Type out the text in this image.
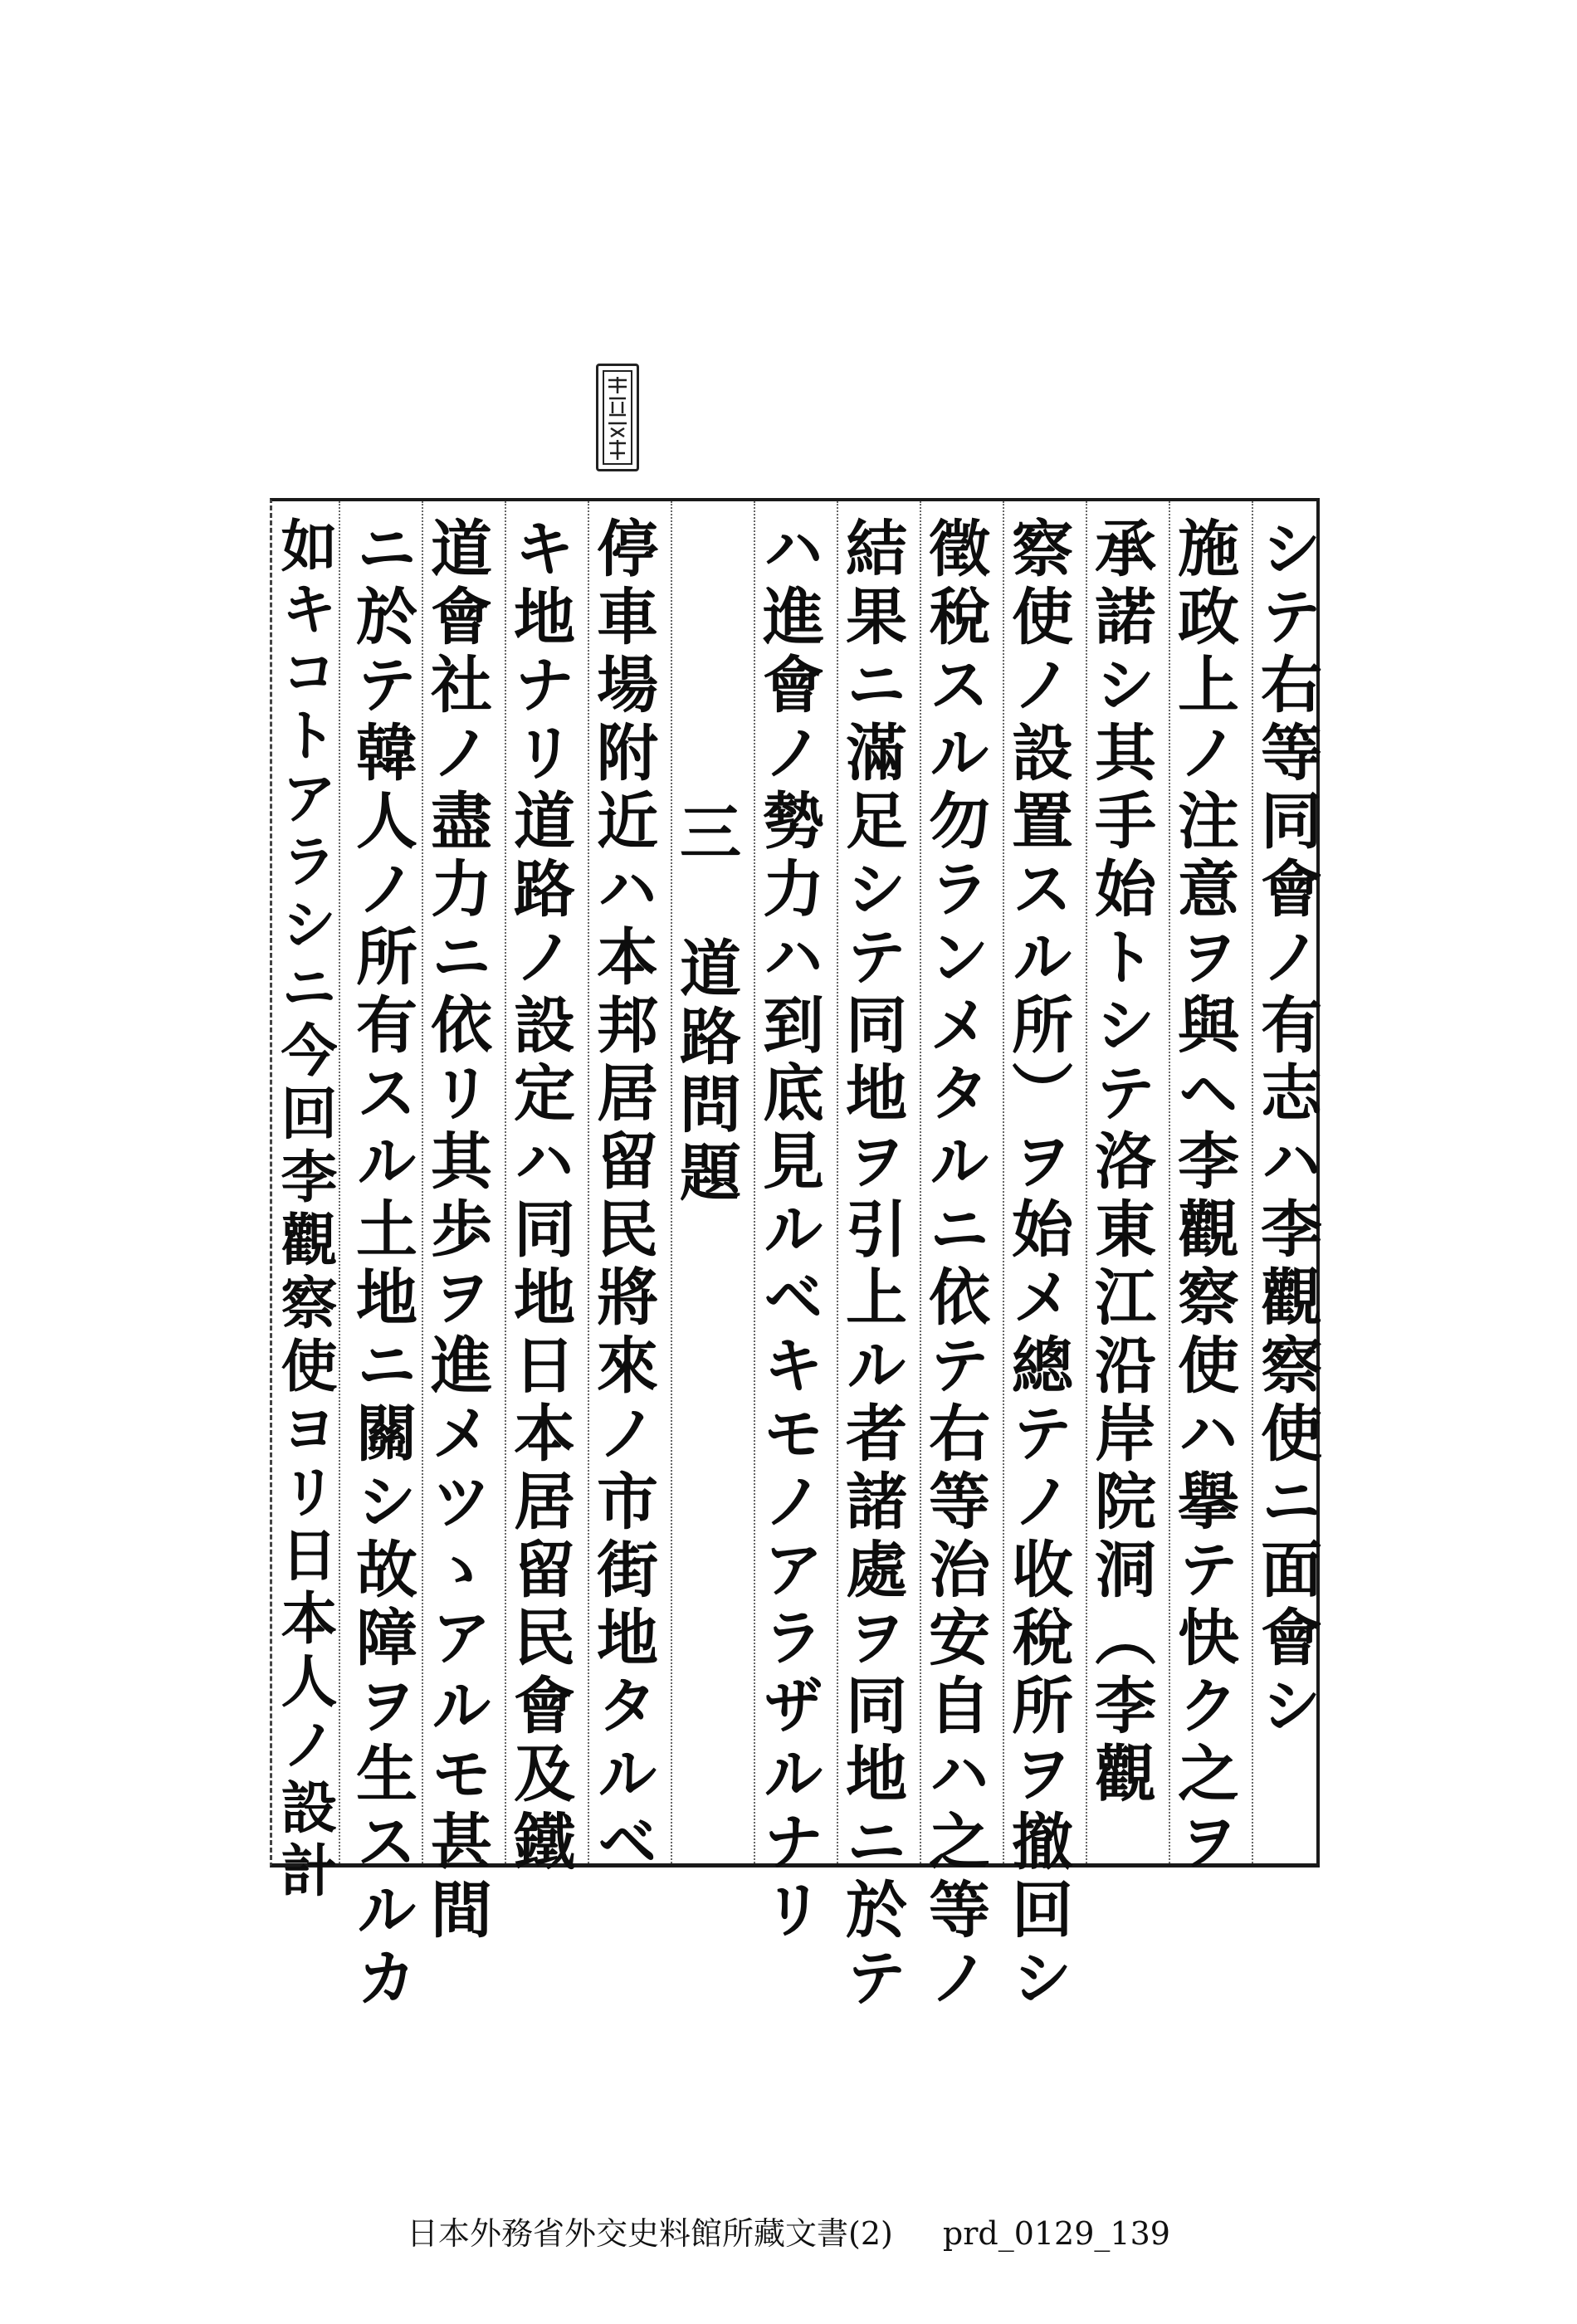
シテ右等同會ノ有志ハ李觀察使ニ面會シ
施政上ノ注意ヲ與ヘ李觀察使ハ擧テ快ク之ヲ
承諾シ其手始トシテ洛東江沿岸院洞（李觀
察使ノ設置スル所）ヲ始メ總テノ收稅所ヲ撤回シ
徵稅スル勿ランメタルニ依テ右等治安自ハ之等ノ
結果ニ滿足シテ同地ヲ引上ル者諸處ヲ同地ニ於テ
ハ進會ノ勢力ハ到底見ルベキモノアラザルナリ
三　道路問題
停車場附近ハ本邦居留民將來ノ市街地タルベ
キ地ナリ道路ノ設定ハ同地日本居留民會及鐵
道會社ノ盡力ニ依リ其歩ヲ進メツゝアルモ甚間
ニ於テ韓人ノ所有スル土地ニ關シ故障ヲ生スルカ
如キコトアラシニ今回李觀察使ヨリ日本人ノ設計
日本外務省外交史料館所藏文書(2) prd_0129_139
